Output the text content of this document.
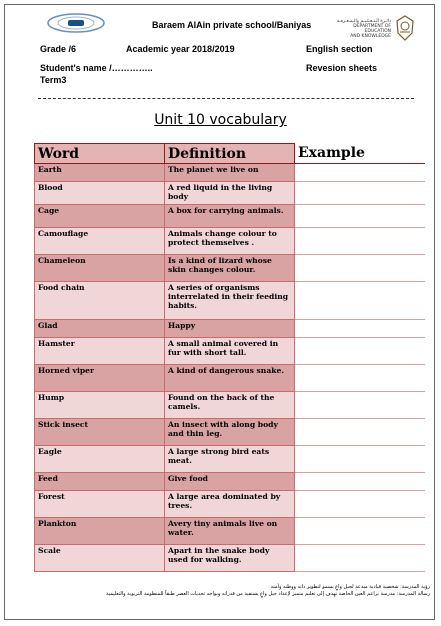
Baraem AlAin private school/Baniyas	دائـرة الـتـعـلـيـم والـمـعـرفـة
DEPARTMENT OF EDUCATION
AND KNOWLEDGE
Grade /6	Academic year 2018/2019	English section
Student's name /…………..	Revesion sheets
Term3
Unit 10 vocabulary
Word	Definition	Example
Earth	The planet we live on	
Blood	A red liquid in the living body	
Cage	A box for carrying animals.	
Camouflage	Animals change colour to protect themselves .	
Chameleon	Is a kind of lizard whose skin changes colour.	
Food chain	A series of organisms interrelated in their feeding habits.	
Glad	Happy	
Hamster	A small animal covered in fur with short tall.	
Horned viper	A kind of dangerous snake.	
Hump	Found on the back of the camels.	
Stick insect	An insect with along body and thin leg.	
Eagle	A large strong bird eats meat.	
Feed	Give food	
Forest	A large area dominated by trees.	
Plankton	Avery tiny animals live on water.	
Scale	Apart in the snake body used for walking.	
رؤية المدرسة: شخصية قيادية مبدعة لجيل واعٍ يسمو لتطوير ذاته ووطنه وأمته
رسالة المدرسة: مدرسة براعم العين الخاصة تهدف إلى تعليم متميز لإعداد جيل واعٍ يستفيد من قدراته ويواجه تحديات العصر طبقاً للمنظومة التربوية والتعليمية
